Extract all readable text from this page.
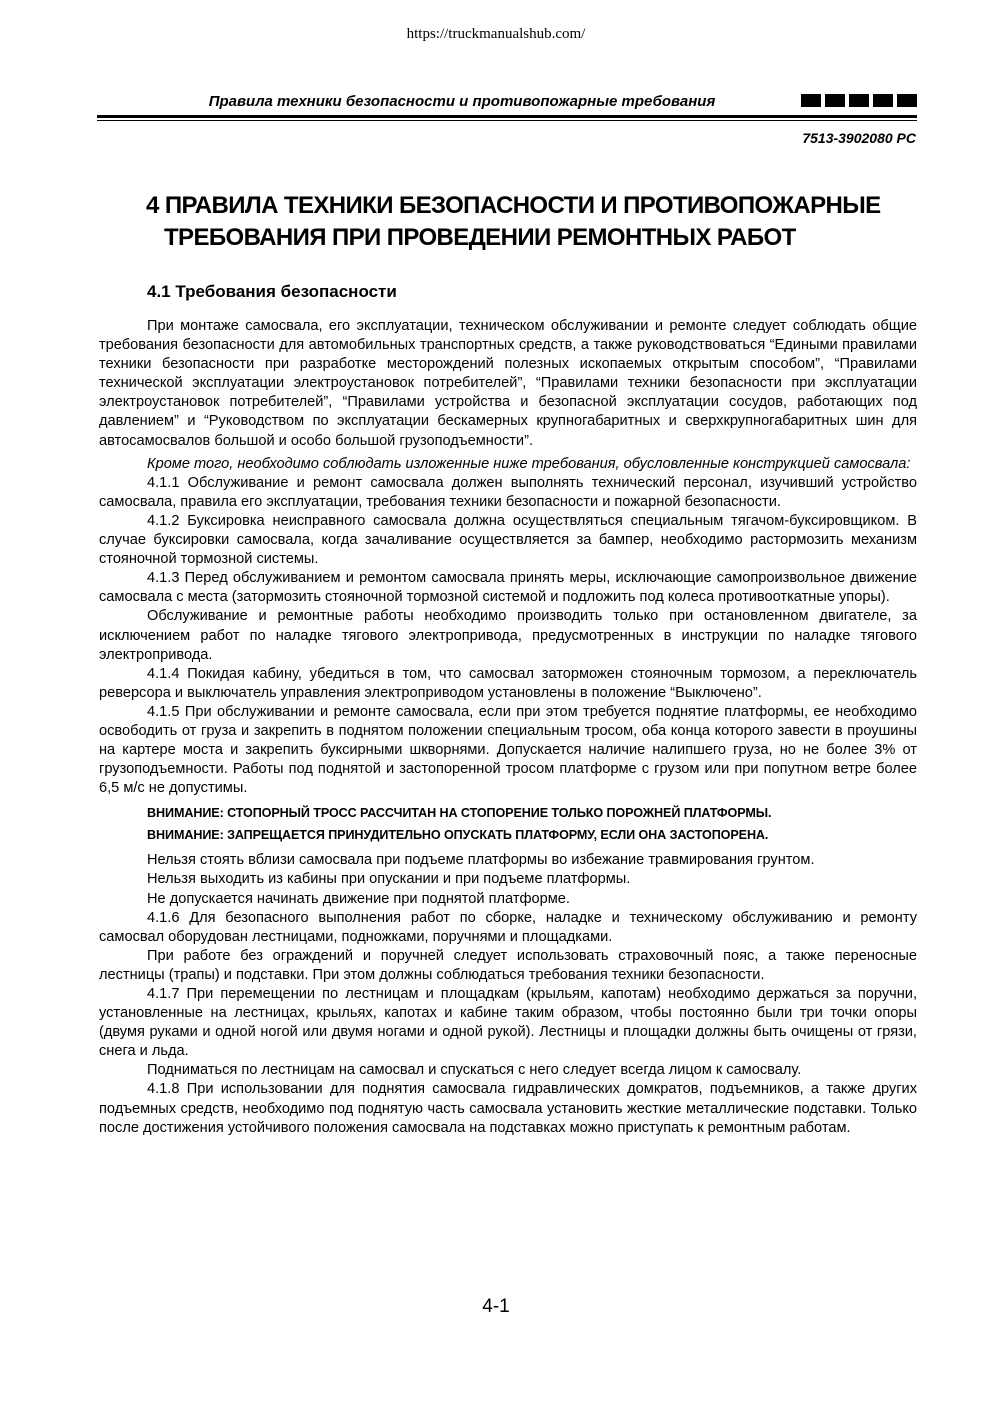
https://truckmanualshub.com/
Правила техники безопасности и противопожарные требования
7513-3902080 РС
4 ПРАВИЛА ТЕХНИКИ БЕЗОПАСНОСТИ И ПРОТИВОПОЖАРНЫЕ
ТРЕБОВАНИЯ ПРИ ПРОВЕДЕНИИ РЕМОНТНЫХ РАБОТ
4.1 Требования безопасности

При монтаже самосвала, его эксплуатации, техническом обслуживании и ремонте следует соблюдать общие требования безопасности для автомобильных транспортных средств, а также руководствоваться “Едиными правилами техники безопасности при разработке месторождений полезных ископаемых открытым способом”, “Правилами технической эксплуатации электроустановок потребителей”, “Правилами техники безопасности при эксплуатации электроустановок потребителей”, “Правилами устройства и безопасной эксплуатации сосудов, работающих под давлением” и “Руководством по эксплуатации бескамерных крупногабаритных и сверхкрупногабаритных шин для автосамосвалов большой и особо большой грузоподъемности”.

Кроме того, необходимо соблюдать изложенные ниже требования, обусловленные конструкцией самосвала:

4.1.1 Обслуживание и ремонт самосвала должен выполнять технический персонал, изучивший устройство самосвала, правила его эксплуатации, требования техники безопасности и пожарной безопасности.

4.1.2 Буксировка неисправного самосвала должна осуществляться специальным тягачом-буксировщиком. В случае буксировки самосвала, когда зачаливание осуществляется за бампер, необходимо растормозить механизм стояночной тормозной системы.

4.1.3 Перед обслуживанием и ремонтом самосвала принять меры, исключающие самопроизвольное движение самосвала с места (затормозить стояночной тормозной системой и подложить под колеса противооткатные упоры).

Обслуживание и ремонтные работы необходимо производить только при остановленном двигателе, за исключением работ по наладке тягового электропривода, предусмотренных в инструкции по наладке тягового электропривода.

4.1.4 Покидая кабину, убедиться в том, что самосвал заторможен стояночным тормозом, а переключатель реверсора и выключатель управления электроприводом установлены в положение “Выключено”.

4.1.5 При обслуживании и ремонте самосвала, если при этом требуется поднятие платформы, ее необходимо освободить от груза и закрепить в поднятом положении специальным тросом, оба конца которого завести в проушины на картере моста и закрепить буксирными шкворнями. Допускается наличие налипшего груза, но не более 3% от грузоподъемности. Работы под поднятой и застопоренной тросом платформе с грузом или при попутном ветре более 6,5 м/с не допустимы.

ВНИМАНИЕ: СТОПОРНЫЙ ТРОСС РАССЧИТАН НА СТОПОРЕНИЕ ТОЛЬКО ПОРОЖНЕЙ ПЛАТФОРМЫ.
ВНИМАНИЕ: ЗАПРЕЩАЕТСЯ ПРИНУДИТЕЛЬНО ОПУСКАТЬ ПЛАТФОРМУ, ЕСЛИ ОНА ЗАСТОПОРЕНА.

Нельзя стоять вблизи самосвала при подъеме платформы во избежание травмирования грунтом.

Нельзя выходить из кабины при опускании и при подъеме платформы.

Не допускается начинать движение при поднятой платформе.

4.1.6 Для безопасного выполнения работ по сборке, наладке и техническому обслуживанию и ремонту самосвал оборудован лестницами, подножками, поручнями и площадками.

При работе без ограждений и поручней следует использовать страховочный пояс, а также переносные лестницы (трапы) и подставки. При этом должны соблюдаться требования техники безопасности.

4.1.7 При перемещении по лестницам и площадкам (крыльям, капотам) необходимо держаться за поручни, установленные на лестницах, крыльях, капотах и кабине таким образом, чтобы постоянно были три точки опоры (двумя руками и одной ногой или двумя ногами и одной рукой). Лестницы и площадки должны быть очищены от грязи, снега и льда.

Подниматься по лестницам на самосвал и спускаться с него следует всегда лицом к самосвалу.

4.1.8 При использовании для поднятия самосвала гидравлических домкратов, подъемников, а также других подъемных средств, необходимо под поднятую часть самосвала установить жесткие металлические подставки. Только после достижения устойчивого положения самосвала на подставках можно приступать к ремонтным работам.

4-1
